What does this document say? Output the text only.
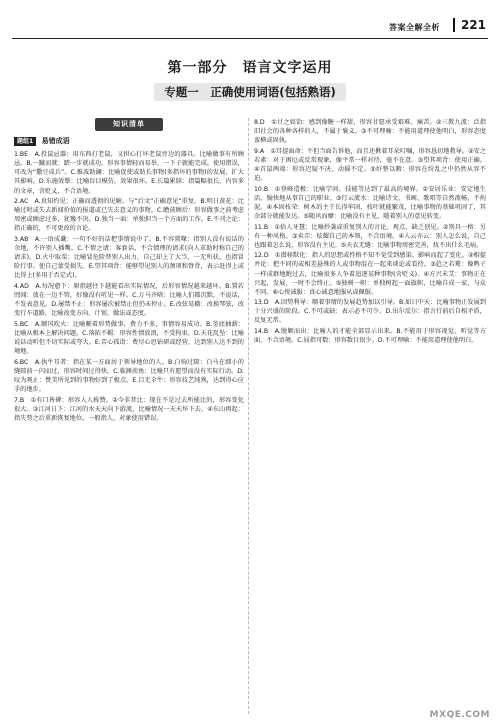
答案全解全析	221
第一部分　语言文字运用
专题一　正确使用词语(包括熟语)
知识清单
题组1 易错成语

1.BE　A.投鼠忌器：用东西打老鼠，又担心打坏老鼠旁边的器具。比喻做事有所顾忌。B.一蹴而就：踏一步就成功，形容事情轻而易举，一下子就能完成。使用错误，可改为“撒豆成兵”。C.推波助澜：比喻促使或助长事物(多指坏的事物)的发展，扩大其影响。D.东施效颦：比喻盲目模仿，效果很坏。E.长篇累牍：指篇幅很长，内容多的文章，含贬义，不合语境。

2.AC　A.真知灼见：正确而透彻的见解。与“后文”正确意见“重复。B.明日黄花：比喻过时或失去新闻价值的报道或已失去意义的事物。C.瞻前顾后：形容做事之前考虑周密或顾虑过多，犹豫不决。D.独当一面：单独担当一个方面的工作。E.不刊之论：指正确的，不可更改的言论。

3.AB　A.一语成谶：一句不好的话把事情说中了。B.不容置喙：指别人没有说话的余地，不许别人插嘴。C.不情之请：客套话，不合情理的请求(向人求助时称自己的请求)。D.火中取栗：比喻冒危险替别人出力，自己却上了大当，一无所获。也指冒险行事。使自己蒙受损失。E.望其项背：能够望见别人的颈项和脊背，表示赶得上或比得上(多用于否定式)。

4.AD　A.每况愈下：原指越往下越能看出实际情况，后形容情况越来越坏。B.置若罔闻：放在一边不管，好像没有听见一样。C.万马齐喑：比喻人们都沉默，不说话，不发表意见。D.屡禁不止：形容屡次被禁止但仍未停止。E.改弦易辙：改换琴弦，改变行车道路，比喻改变方向、计划、做法或态度。

5.BC　A.顺风吹火：比喻顺着形势做事，费力不多，事情容易成功。B.釜底抽薪：比喻从根本上解决问题。C.落拓不羁：形容性情放浪，不受拘束。D.天花乱坠：比喻说话动听但不切实际或夸大。E.苦心孤诣：费尽心思钻研或经营，达到别人达不到的境地。

6.BC　A.执牛耳者：指在某一方面居于领导地位的人。B.白驹过隙：白马在细小的缝隙前一闪而过，形容时间过得快。C.临渊羡鱼：比喻只有愿望而没有实际行动。D.叹为观止：赞美所见到的事物好到了极点。E.目无全牛：形容技艺纯熟，达到得心应手的地步。

7.B　①有口皆碑：形容人人称赞。②今非昔比：现在不是过去所能比的，形容变化很大。③江河日下：江河的水天天向下游流，比喻情况一天天坏下去。④东山再起：指失势之后重新恢复地位，一般指人，对象使用错误。

8.D　①甘之如饴：感到像糖一样甜，形容甘愿承受艰难、痛苦。②三教九流：泛指旧社会的各种各样的人，不属于褒义。③不可理喻：不能用道理使他明白，形容态度蛮横或固执。

9.A　①耳提面命：不但当面告诉他，而且还揪着耳朵叮嘱，形容恳切地教导。②安之若素：对于困厄或反常现象，像平常一样对待，毫不在意。③望其项背：使用正确。④首鼠两端：形容迟疑不决，动摇不定。⑤好整以暇：形容在纷乱之中仍然从容不迫。

10.B　①登峰造极：比喻学问、技能等达到了最高的境界。②安居乐业：安定地生活，愉快地从事自己的职业。③行云流水：比喻诗文、书画、歌唱等自然流畅，不拘泥。④本固枝荣：树木的主干长得牢固，枝叶就能繁茂，比喻事物的基础巩固了，其余部分就能发达。⑤随风而靡：比喻没有主见，随着别人的意见转变。

11.B　①拾人牙慧：比喻抄袭或重复别人的言论、观点，缺乏创见。②别具一格：另有一种风格。③卖弄：炫耀自己的本领，不合语境。④人云亦云：别人怎么说，自己也跟着怎么说，形容没有主见。⑤天衣无缝：比喻事物周密完善，找不出什么毛病。

12.D　①潜移默化：指人的思想或性格不知不觉受到感染、影响而起了变化。②相提并论：把不同的或相差悬殊的人或事物混在一起来谈论或看待。③趋之若鹜：像鸭子一样成群地跑过去，比喻很多人争着追逐某种事物(含贬义)。④方兴未艾：事物正在兴起，发展，一时不会终止。⑤独树一帜：单独树起一面旗帜，比喻自成一家，与众不同。⑥心悦诚服：真心诚意地服从或佩服。

13.D　A.因势利导：顺着事情的发展趋势加以引导。B.如日中天：比喻事物正发展到十分兴盛的阶段。C.不可或缺：表示必不可少。D.出尔反尔：指言行前后自相矛盾，反复无常。

14.B　A.脱颖而出：比喻人的才能全部显示出来。B.不能用于形容视觉、听觉等方面，不合语境。C.屈指可数：形容数目很少。D.不可理喻：不能用道理使他明白。

MXQE.COM
